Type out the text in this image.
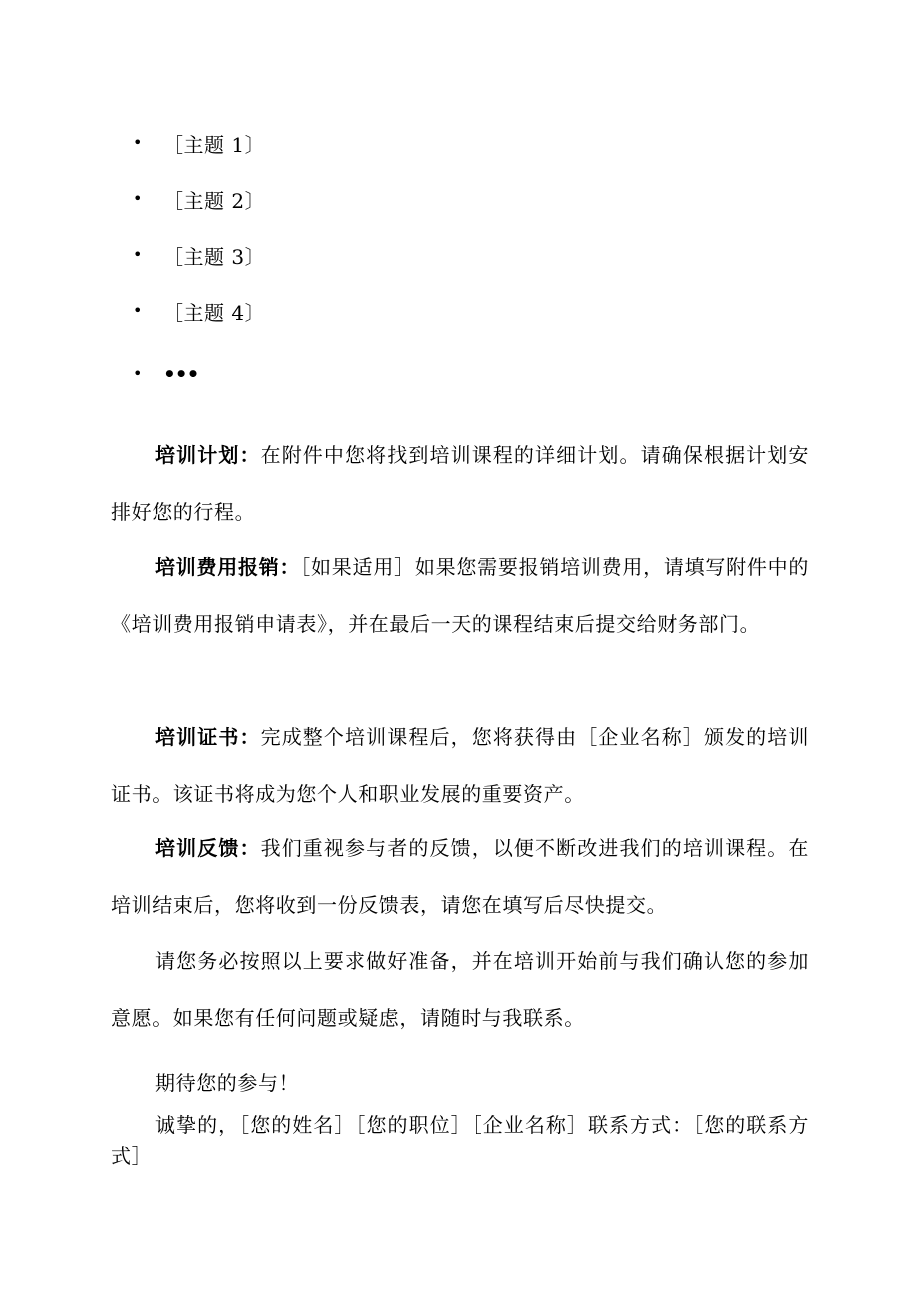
•	［主题 1〕
•	［主题 2〕
•	［主题 3〕
•	［主题 4〕
•	•••

培训计划：在附件中您将找到培训课程的详细计划。请确保根据计划安排好您的行程。

培训费用报销：［如果适用］如果您需要报销培训费用，请填写附件中的《培训费用报销申请表》，并在最后一天的课程结束后提交给财务部门。

培训证书：完成整个培训课程后，您将获得由［企业名称］颁发的培训证书。该证书将成为您个人和职业发展的重要资产。

培训反馈：我们重视参与者的反馈，以便不断改进我们的培训课程。在培训结束后，您将收到一份反馈表，请您在填写后尽快提交。

请您务必按照以上要求做好准备，并在培训开始前与我们确认您的参加意愿。如果您有任何问题或疑虑，请随时与我联系。

期待您的参与！

诚挚的，［您的姓名］［您的职位］［企业名称］联系方式：［您的联系方式］
